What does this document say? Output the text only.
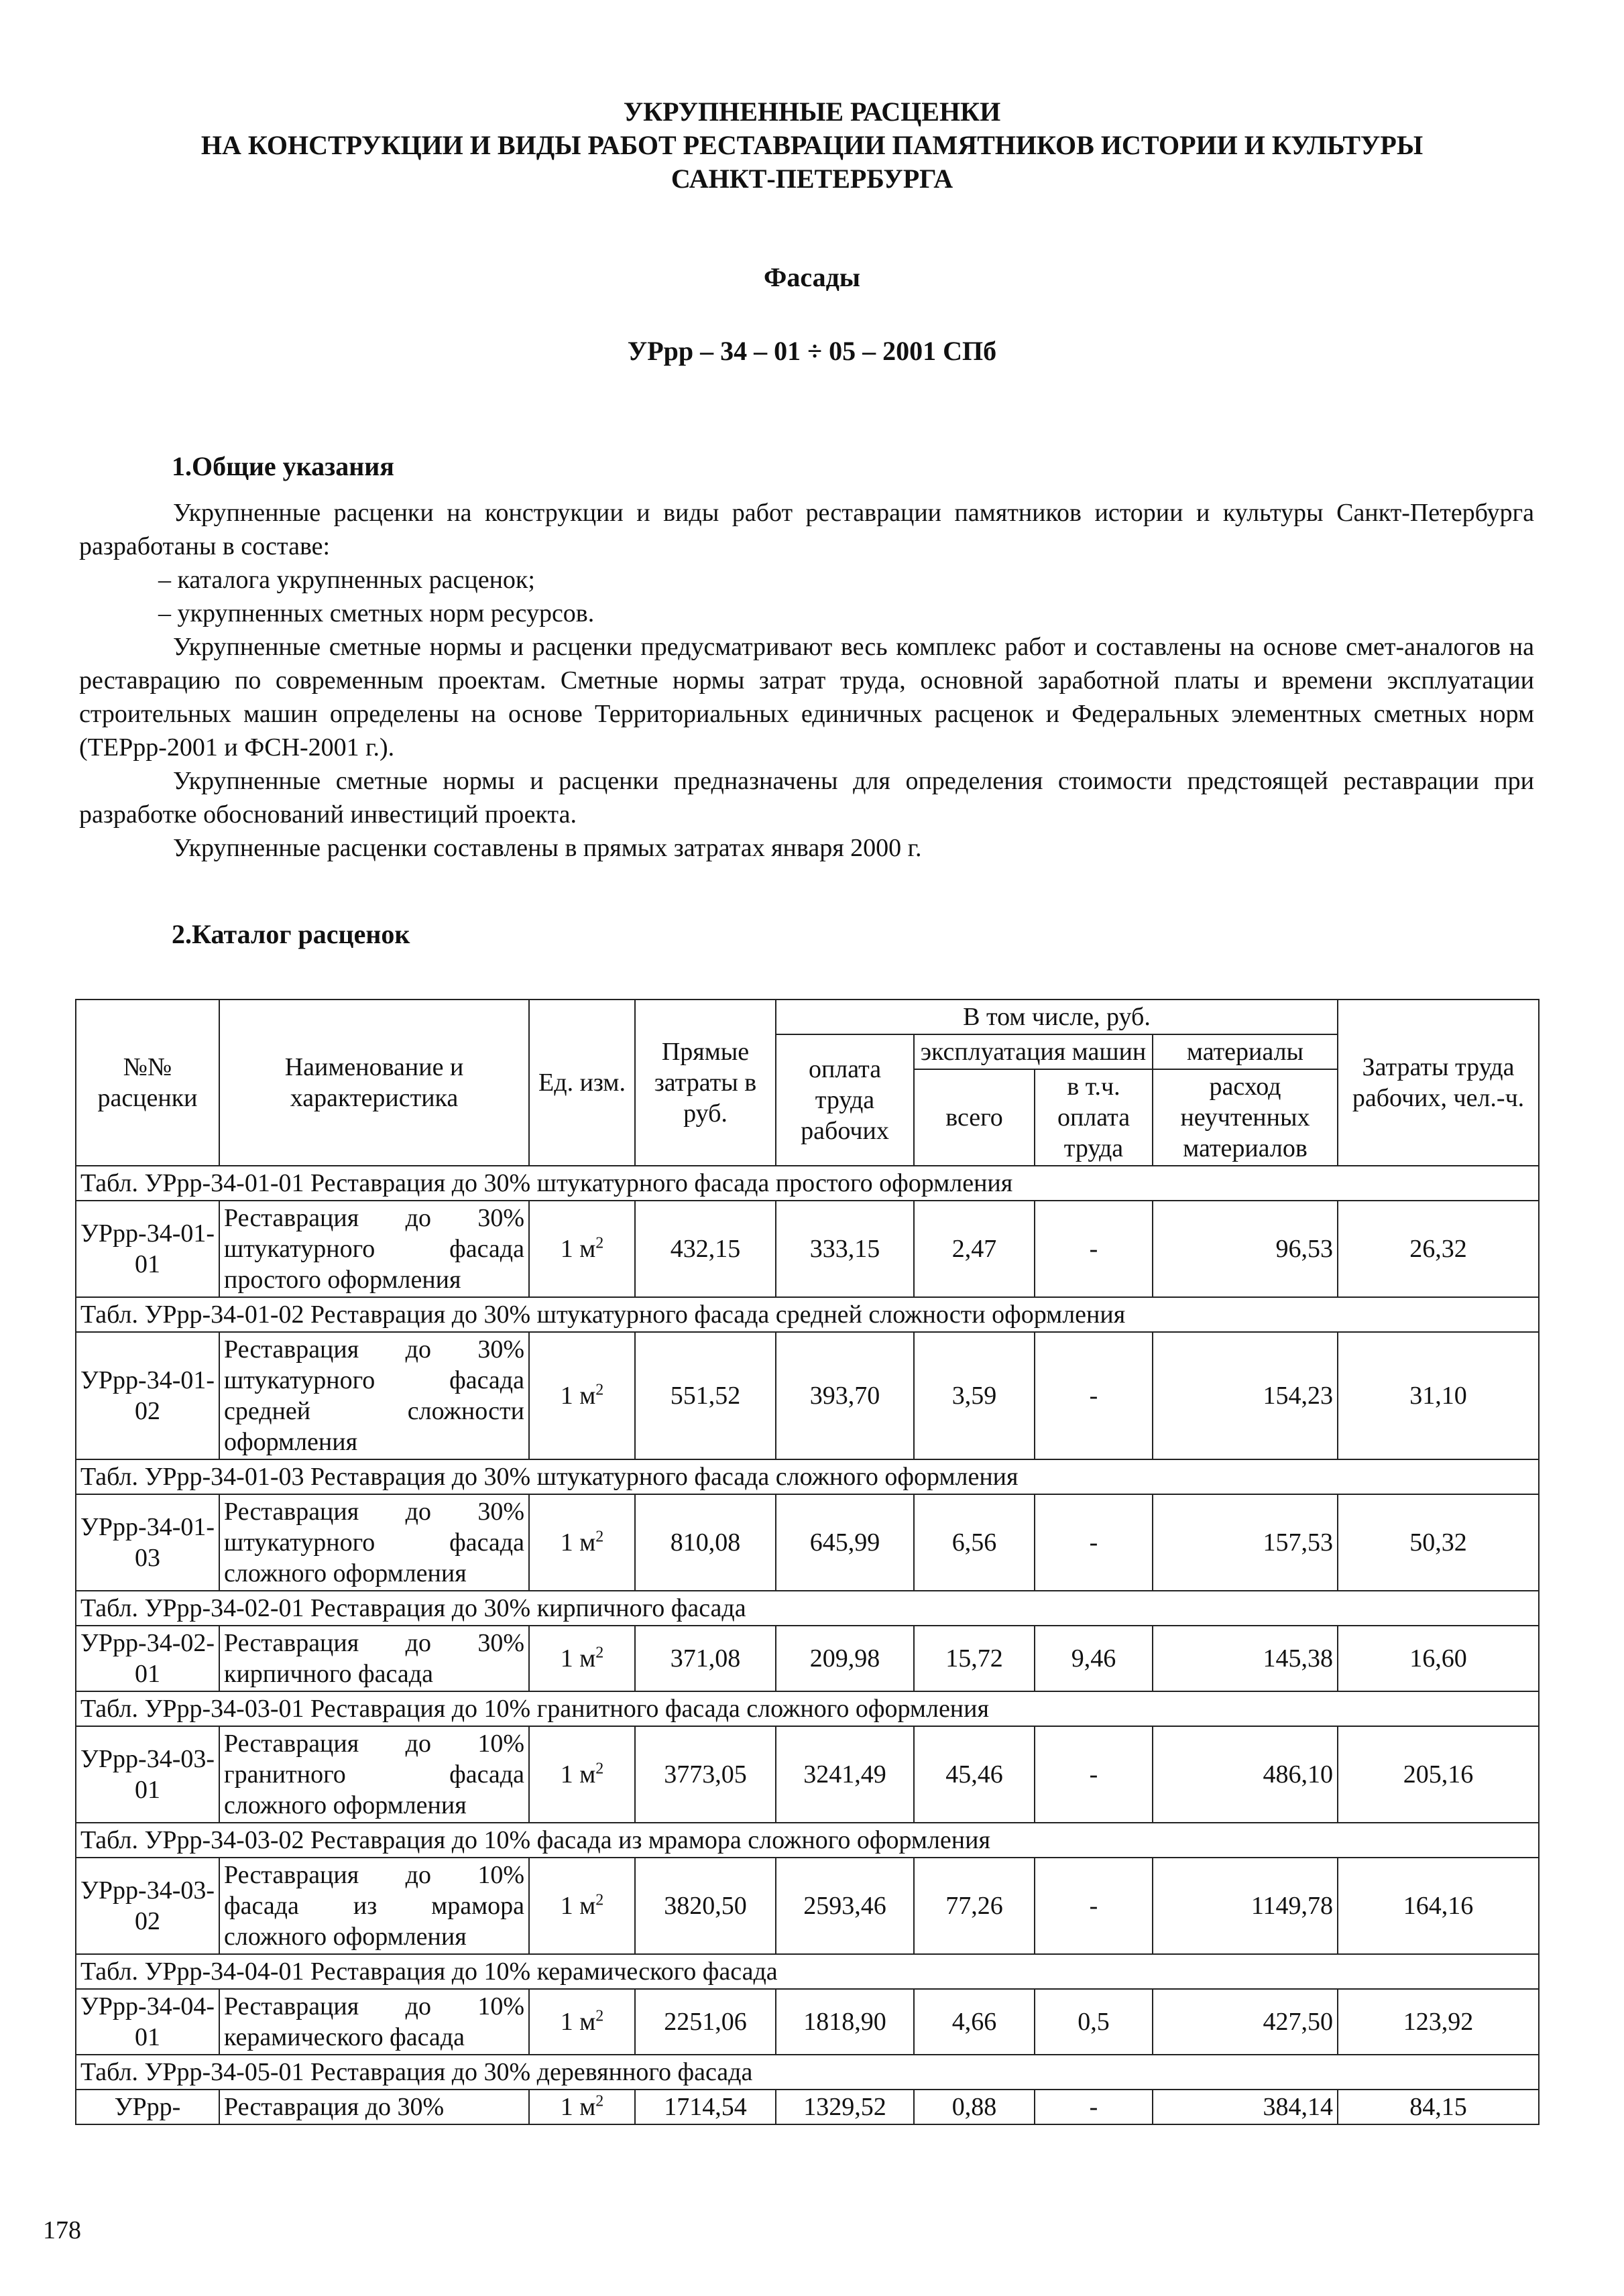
УКРУПНЕННЫЕ РАСЦЕНКИ
НА КОНСТРУКЦИИ И ВИДЫ РАБОТ РЕСТАВРАЦИИ ПАМЯТНИКОВ ИСТОРИИ И КУЛЬТУРЫ
САНКТ-ПЕТЕРБУРГА
Фасады
УРрр – 34 – 01 ÷ 05 – 2001 СПб
1.Общие указания

Укрупненные расценки на конструкции и виды работ реставрации памятников истории и культуры Санкт-Петербурга разработаны в составе:

– каталога укрупненных расценок;

– укрупненных сметных норм ресурсов.

Укрупненные сметные нормы и расценки предусматривают весь комплекс работ и составлены на основе смет-аналогов на реставрацию по современным проектам. Сметные нормы затрат труда, основной заработной платы и времени эксплуатации строительных машин определены на основе Территориальных единичных расценок и Федеральных элементных сметных норм (ТЕРрр-2001 и ФСН-2001 г.).

Укрупненные сметные нормы и расценки предназначены для определения стоимости предстоящей реставрации при разработке обоснований инвестиций проекта.

Укрупненные расценки составлены в прямых затратах января 2000 г.

2.Каталог расценок
№№ расценки	Наименование и характеристика	Ед. изм.	Прямые затраты в руб.	В том числе, руб.				Затраты труда рабочих, чел.-ч.
				оплата труда рабочих	эксплуатация машин		материалы	
					всего	в т.ч. оплата труда	расход неучтенных материалов	
Табл. УРрр-34-01-01 Реставрация до 30% штукатурного фасада простого оформления								
УРрр-34-01-01	Реставрация до 30% штукатурного фасада простого оформления	1 $м^2$	432,15	333,15	2,47	-	96,53	26,32
Табл. УРрр-34-01-02 Реставрация до 30% штукатурного фасада средней сложности оформления								
УРрр-34-01-02	Реставрация до 30% штукатурного фасада средней сложности оформления	1 $м^2$	551,52	393,70	3,59	-	154,23	31,10
Табл. УРрр-34-01-03 Реставрация до 30% штукатурного фасада сложного оформления								
УРрр-34-01-03	Реставрация до 30% штукатурного фасада сложного оформления	1 $м^2$	810,08	645,99	6,56	-	157,53	50,32
Табл. УРрр-34-02-01 Реставрация до 30% кирпичного фасада								
УРрр-34-02-01	Реставрация до 30% кирпичного фасада	1 $м^2$	371,08	209,98	15,72	9,46	145,38	16,60
Табл. УРрр-34-03-01 Реставрация до 10% гранитного фасада сложного оформления								
УРрр-34-03-01	Реставрация до 10% гранитного фасада сложного оформления	1 $м^2$	3773,05	3241,49	45,46	-	486,10	205,16
Табл. УРрр-34-03-02 Реставрация до 10% фасада из мрамора сложного оформления								
УРрр-34-03-02	Реставрация до 10% фасада из мрамора сложного оформления	1 $м^2$	3820,50	2593,46	77,26	-	1149,78	164,16
Табл. УРрр-34-04-01 Реставрация до 10% керамического фасада								
УРрр-34-04-01	Реставрация до 10% керамического фасада	1 $м^2$	2251,06	1818,90	4,66	0,5	427,50	123,92
Табл. УРрр-34-05-01 Реставрация до 30% деревянного фасада								
УРрр-	Реставрация до 30%	1 $м^2$	1714,54	1329,52	0,88	-	384,14	84,15
178
